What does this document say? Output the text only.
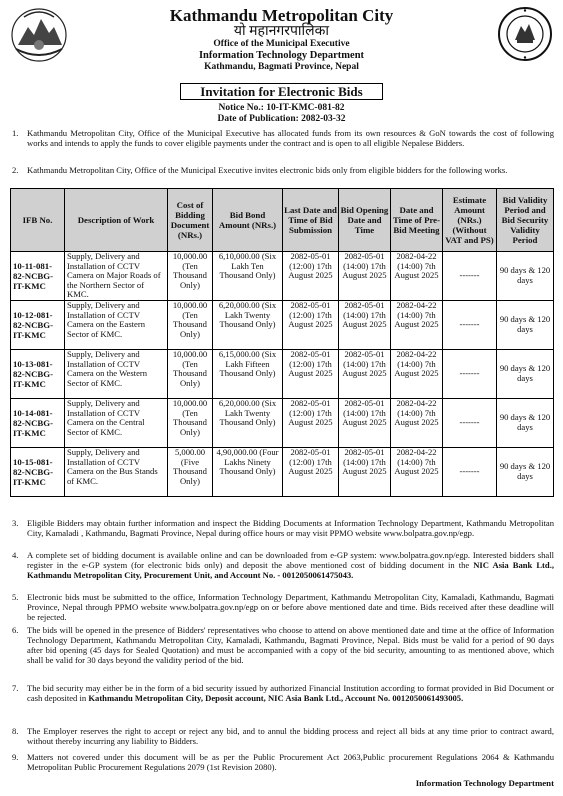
Kathmandu Metropolitan City
यो महानगरपालिका
Office of the Municipal Executive
Information Technology Department
Kathmandu, Bagmati Province, Nepal
Invitation for Electronic Bids
Notice No.: 10-IT-KMC-081-82
Date of Publication: 2082-03-32
1. Kathmandu Metropolitan City, Office of the Municipal Executive has allocated funds from its own resources & GoN towards the cost of following works and intends to apply the funds to cover eligible payments under the contract and is open to all eligible Nepalese Bidders.
2. Kathmandu Metropolitan City, Office of the Municipal Executive invites electronic bids only from eligible bidders for the following works.
IFB No.	Description of Work	Cost of Bidding Document (NRs.)	Bid Bond Amount (NRs.)	Last Date and Time of Bid Submission	Bid Opening Date and Time	Date and Time of Pre-Bid Meeting	Estimate Amount (NRs.) (Without VAT and PS)	Bid Validity Period and Bid Security Validity Period
10-11-081-82-NCBG-IT-KMC	Supply, Delivery and Installation of CCTV Camera on Major Roads of the Northern Sector of KMC.	10,000.00 (Ten Thousand Only)	6,10,000.00 (Six Lakh Ten Thousand Only)	2082-05-01 (12:00) 17th August 2025	2082-05-01 (14:00) 17th August 2025	2082-04-22 (14:00) 7th August 2025	-------	90 days & 120 days
10-12-081-82-NCBG-IT-KMC	Supply, Delivery and Installation of CCTV Camera on the Eastern Sector of KMC.	10,000.00 (Ten Thousand Only)	6,20,000.00 (Six Lakh Twenty Thousand Only)	2082-05-01 (12:00) 17th August 2025	2082-05-01 (14:00) 17th August 2025	2082-04-22 (14:00) 7th August 2025	-------	90 days & 120 days
10-13-081-82-NCBG-IT-KMC	Supply, Delivery and Installation of CCTV Camera on the Western Sector of KMC.	10,000.00 (Ten Thousand Only)	6,15,000.00 (Six Lakh Fifteen Thousand Only)	2082-05-01 (12:00) 17th August 2025	2082-05-01 (14:00) 17th August 2025	2082-04-22 (14:00) 7th August 2025	-------	90 days & 120 days
10-14-081-82-NCBG-IT-KMC	Supply, Delivery and Installation of CCTV Camera on the Central Sector of KMC.	10,000.00 (Ten Thousand Only)	6,20,000.00 (Six Lakh Twenty Thousand Only)	2082-05-01 (12:00) 17th August 2025	2082-05-01 (14:00) 17th August 2025	2082-04-22 (14:00) 7th August 2025	-------	90 days & 120 days
10-15-081-82-NCBG-IT-KMC	Supply, Delivery and Installation of CCTV Camera on the Bus Stands of KMC.	5,000.00 (Five Thousand Only)	4,90,000.00 (Four Lakhs Ninety Thousand Only)	2082-05-01 (12:00) 17th August 2025	2082-05-01 (14:00) 17th August 2025	2082-04-22 (14:00) 7th August 2025	-------	90 days & 120 days
3. Eligible Bidders may obtain further information and inspect the Bidding Documents at Information Technology Department, Kathmandu Metropolitan City, Kamaladi , Kathmandu, Bagmati Province, Nepal during office hours or may visit PPMO website www.bolpatra.gov.np/egp.
4. A complete set of bidding document is available online and can be downloaded from e-GP system: www.bolpatra.gov.np/egp. Interested bidders shall register in the e-GP system (for electronic bids only) and deposit the above mentioned cost of bidding document in the NIC Asia Bank Ltd., Kathmandu Metropolitan City, Procurement Unit, and Account No. - 0012050061475043.
5. Electronic bids must be submitted to the office, Information Technology Department, Kathmandu Metropolitan City, Kamaladi, Kathmandu, Bagmati Province, Nepal through PPMO website www.bolpatra.gov.np/egp on or before above mentioned date and time. Bids received after these deadline will be rejected.
6. The bids will be opened in the presence of Bidders' representatives who choose to attend on above mentioned date and time at the office of Information Technology Department, Kathmandu Metropolitan City, Kamaladi, Kathmandu, Bagmati Province, Nepal. Bids must be valid for a period of 90 days after bid opening (45 days for Sealed Quotation) and must be accompanied with a copy of the bid security, amounting to as mentioned above, which shall be valid for 30 days beyond the validity period of the bid.
7. The bid security may either be in the form of a bid security issued by authorized Financial Institution according to format provided in Bid Document or cash deposited in Kathmandu Metropolitan City, Deposit account, NIC Asia Bank Ltd., Account No. 0012050061493005.
8. The Employer reserves the right to accept or reject any bid, and to annul the bidding process and reject all bids at any time prior to contract award, without thereby incurring any liability to Bidders.
9. Matters not covered under this document will be as per the Public Procurement Act 2063,Public procurement Regulations 2064 & Kathmandu Metropolitan Public Procurement Regulations 2079 (1st Revision 2080).
Information Technology Department
